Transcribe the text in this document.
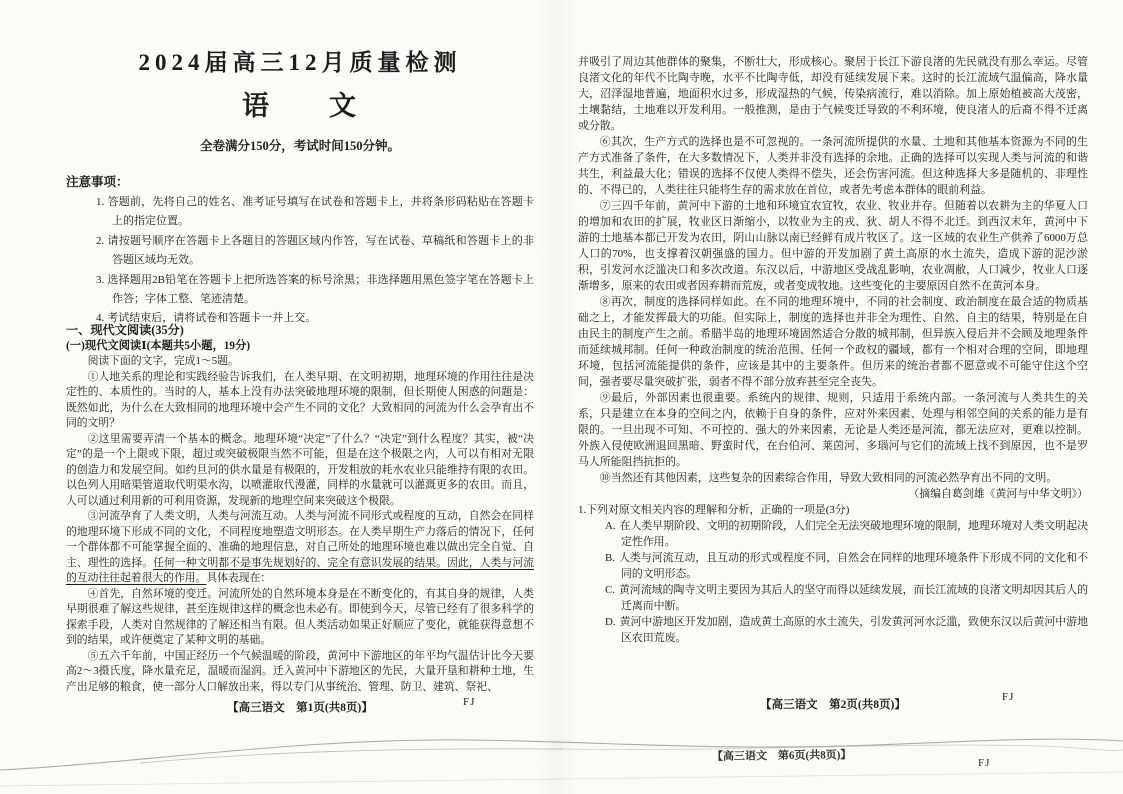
2024届高三12月质量检测
语　　文
全卷满分150分，考试时间150分钟。
注意事项：
1. 答题前，先将自己的姓名、准考证号填写在试卷和答题卡上，并将条形码粘贴在答题卡上的指定位置。
2. 请按题号顺序在答题卡上各题目的答题区域内作答，写在试卷、草稿纸和答题卡上的非答题区域均无效。
3. 选择题用2B铅笔在答题卡上把所选答案的标号涂黑；非选择题用黑色签字笔在答题卡上作答；字体工整、笔迹清楚。
4. 考试结束后，请将试卷和答题卡一并上交。
一、现代文阅读(35分)
(一)现代文阅读Ⅰ(本题共5小题，19分)

阅读下面的文字，完成1～5题。

①人地关系的理论和实践经验告诉我们，在人类早期、在文明初期，地理环境的作用往往是决定性的、本质性的。当时的人，基本上没有办法突破地理环境的限制，但长期使人困惑的问题是：既然如此，为什么在大致相同的地理环境中会产生不同的文化？大致相同的河流为什么会孕育出不同的文明？

②这里需要弄清一个基本的概念。地理环境“决定”了什么？“决定”到什么程度？其实，被“决定”的是一个上限或下限，超过或突破极限当然不可能，但是在这个极限之内，人可以有相对无限的创造力和发展空间。如约旦河的供水量是有极限的，开发粗放的耗水农业只能维持有限的农田。以色列人用暗渠管道取代明渠水沟，以喷灌取代漫灌，同样的水量就可以灌溉更多的农田。而且，人可以通过利用新的可利用资源，发现新的地理空间来突破这个极限。

③河流孕育了人类文明，人类与河流互动。人类与河流不同形式或程度的互动，自然会在同样的地理环境下形成不同的文化，不同程度地塑造文明形态。在人类早期生产力落后的情况下，任何一个群体都不可能掌握全面的、准确的地理信息，对自己所处的地理环境也难以做出完全自觉、自主、理性的选择。任何一种文明都不是事先规划好的、完全有意识发展的结果。因此，人类与河流的互动往往起着很大的作用。具体表现在：

④首先，自然环境的变迁。河流所处的自然环境本身是在不断变化的，有其自身的规律，人类早期很难了解这些规律，甚至连规律这样的概念也未必有。即使到今天，尽管已经有了很多科学的探索手段，人类对自然规律的了解还相当有限。但人类活动如果正好顺应了变化，就能获得意想不到的结果，或许便奠定了某种文明的基础。

⑤五六千年前，中国正经历一个气候温暖的阶段，黄河中下游地区的年平均气温估计比今天要高2～3摄氏度，降水量充足，温暖而湿润。迁入黄河中下游地区的先民，大量开垦和耕种土地，生产出足够的粮食，使一部分人口解放出来，得以专门从事统治、管理、防卫、建筑、祭祀、

【高三语文　第1页(共8页)】	FJ

并吸引了周边其他群体的聚集，不断壮大，形成核心。聚居于长江下游良渚的先民就没有那么幸运。尽管良渚文化的年代不比陶寺晚，水平不比陶寺低，却没有延续发展下来。这时的长江流域气温偏高，降水量大，沼泽湿地普遍，地面积水过多，形成湿热的气候，传染病流行，难以消除。加上原始植被高大茂密，土壤黏结，土地难以开发利用。一般推测，是由于气候变迁导致的不利环境，使良渚人的后裔不得不迁离或分散。

⑥其次，生产方式的选择也是不可忽视的。一条河流所提供的水量、土地和其他基本资源为不同的生产方式准备了条件，在大多数情况下，人类并非没有选择的余地。正确的选择可以实现人类与河流的和谐共生，利益最大化；错误的选择不仅使人类得不偿失，还会伤害河流。但这种选择大多是随机的、非理性的、不得已的，人类往往只能将生存的需求放在首位，或者先考虑本群体的眼前利益。

⑦三四千年前，黄河中下游的土地和环境宜农宜牧，农业、牧业并存。但随着以农耕为主的华夏人口的增加和农田的扩展，牧业区日渐缩小，以牧业为主的戎、狄、胡人不得不北迁。到西汉末年，黄河中下游的土地基本都已开发为农田，阴山山脉以南已经鲜有成片牧区了。这一区域的农业生产供养了6000万总人口的70%，也支撑着汉朝强盛的国力。但中游的开发加剧了黄土高原的水土流失，造成下游的泥沙淤积，引发河水泛滥决口和多次改道。东汉以后，中游地区受战乱影响，农业凋敝，人口减少，牧业人口逐渐增多，原来的农田或者因弃耕而荒废，或者变成牧地。这些变化的主要原因自然不在黄河本身。

⑧再次，制度的选择同样如此。在不同的地理环境中，不同的社会制度、政治制度在最合适的物质基础之上，才能发挥最大的功能。但实际上，制度的选择也并非全为理性、自然、自主的结果，特别是在自由民主的制度产生之前。希腊半岛的地理环境固然适合分散的城邦制，但异族入侵后并不会顾及地理条件而延续城邦制。任何一种政治制度的统治范围、任何一个政权的疆域，都有一个相对合理的空间，即地理环境，包括河流能提供的条件，应该是其中的主要条件。但历来的统治者都不愿意或不可能守住这个空间，强者要尽量突破扩张，弱者不得不部分放弃甚至完全丧失。

⑨最后，外部因素也很重要。系统内的规律、规则，只适用于系统内部。一条河流与人类共生的关系，只是建立在本身的空间之内，依赖于自身的条件，应对外来因素、处理与相邻空间的关系的能力是有限的。一旦出现不可知、不可控的、强大的外来因素，无论是人类还是河流，都无法应对，更难以控制。外族入侵使欧洲退回黑暗、野蛮时代，在台伯河、莱茵河、多瑙河与它们的流域上找不到原因，也不是罗马人所能阻挡抗拒的。

⑩当然还有其他因素，这些复杂的因素综合作用，导致大致相同的河流必然孕育出不同的文明。

（摘编自葛剑雄《黄河与中华文明》）

1.下列对原文相关内容的理解和分析，正确的一项是(3分)

A. 在人类早期阶段、文明的初期阶段，人们完全无法突破地理环境的限制，地理环境对人类文明起决定性作用。

B. 人类与河流互动，且互动的形式或程度不同，自然会在同样的地理环境条件下形成不同的文化和不同的文明形态。

C. 黄河流域的陶寺文明主要因为其后人的坚守而得以延续发展，而长江流域的良渚文明却因其后人的迁离而中断。

D. 黄河中游地区开发加剧，造成黄土高原的水土流失，引发黄河河水泛滥，致使东汉以后黄河中游地区农田荒废。

【高三语文　第2页(共8页)】
FJ
【高三语文　第6页(共8页)】
FJ
